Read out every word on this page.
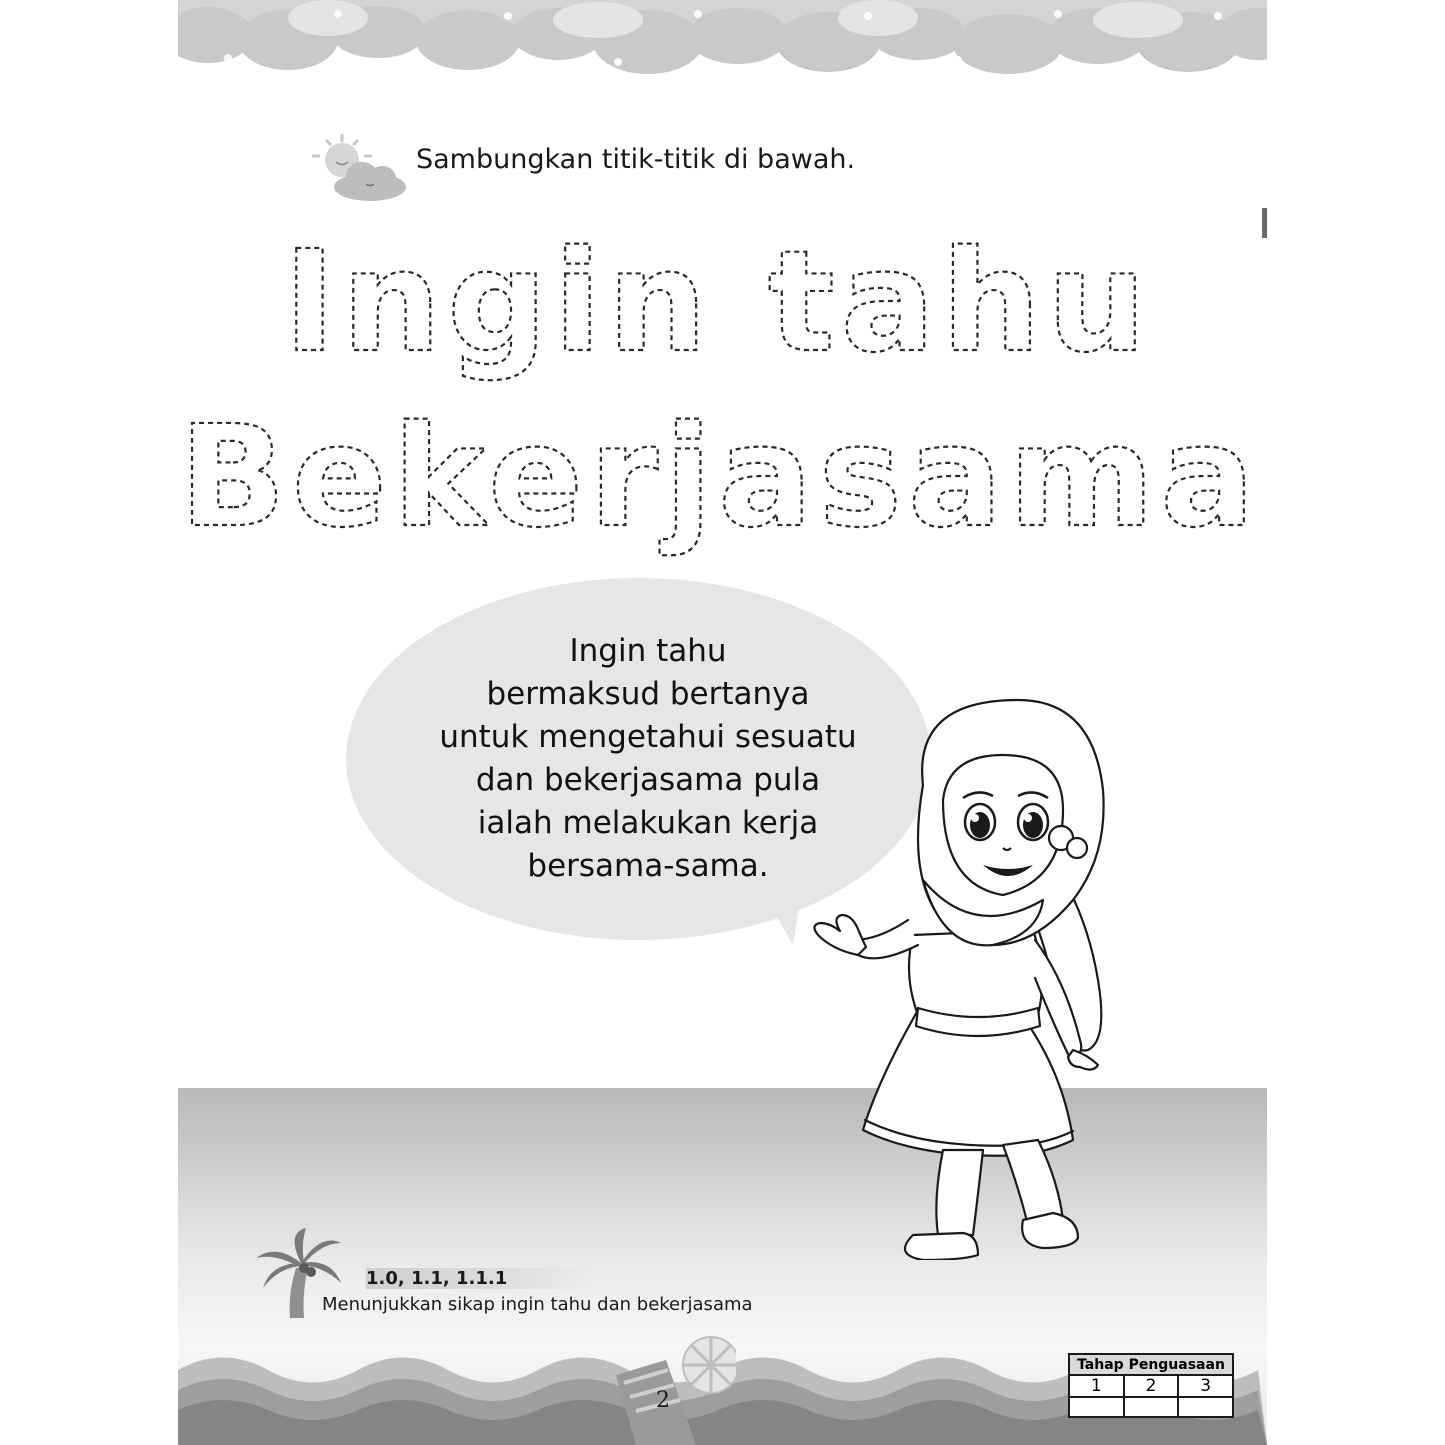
Sambungkan titik-titik di bawah.
Ingin tahu
Bekerjasama
Ingin tahu
bermaksud bertanya
untuk mengetahui sesuatu
dan bekerjasama pula
ialah melakukan kerja
bersama-sama.
1.0, 1.1, 1.1.1
Menunjukkan sikap ingin tahu dan bekerjasama
2
Tahap Penguasaan		
1	2	3
